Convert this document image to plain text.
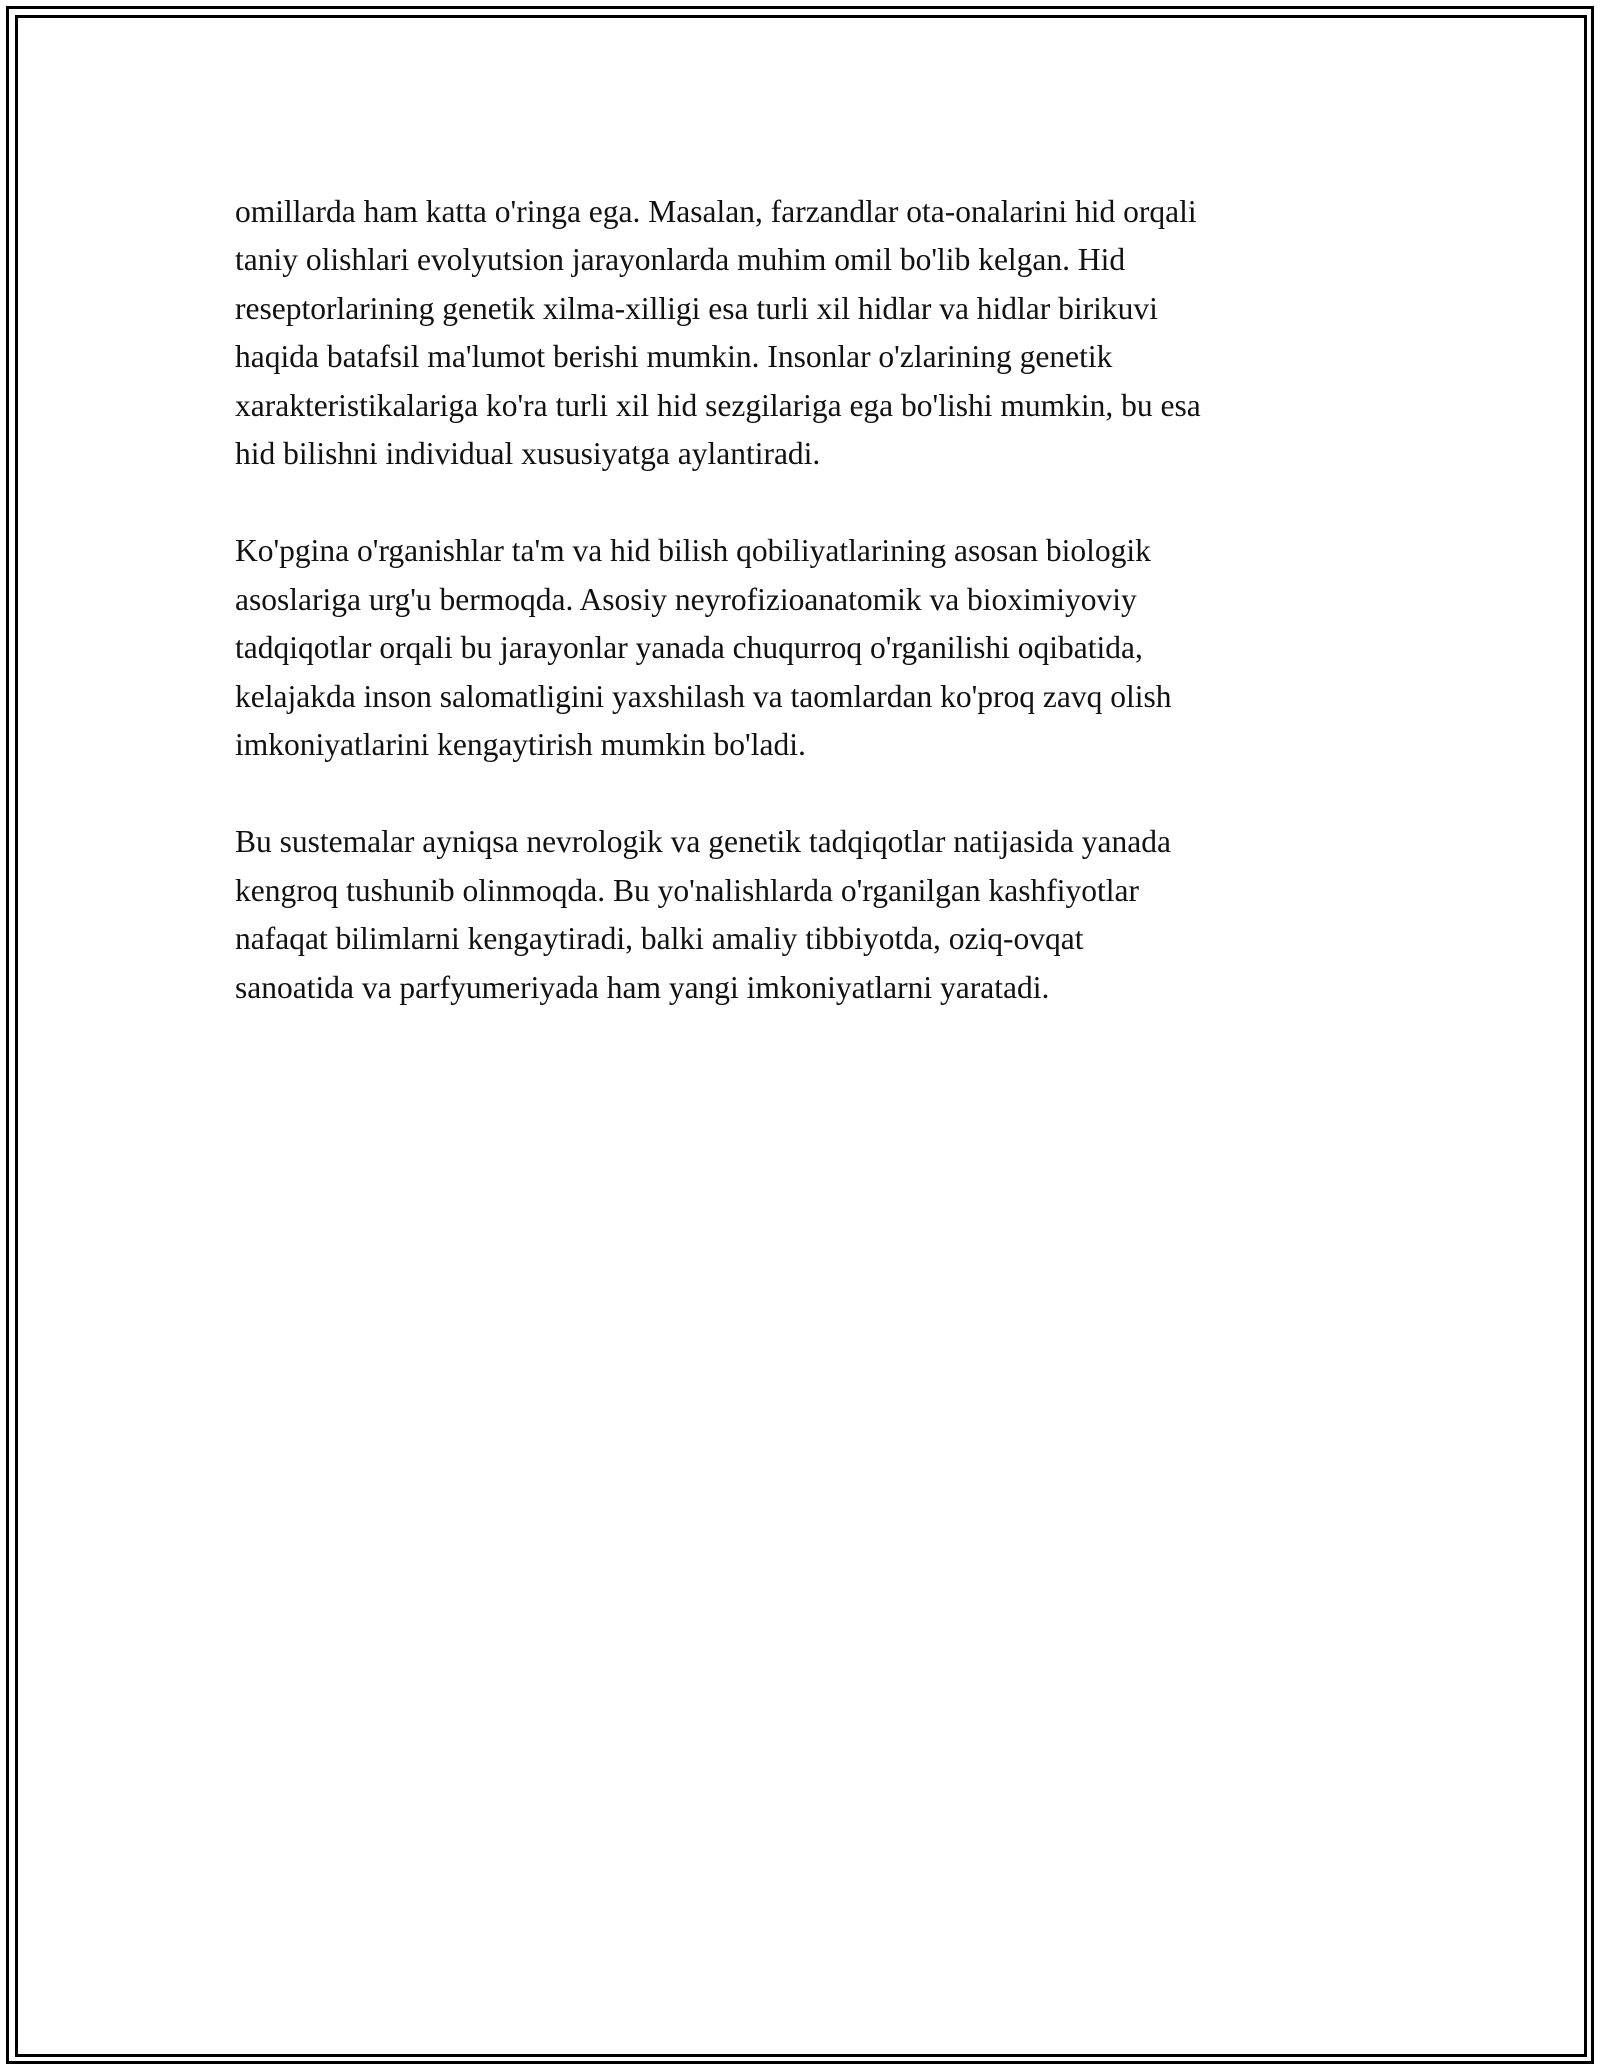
omillarda ham katta o'ringa ega. Masalan, farzandlar ota-onalarini hid orqali
taniy olishlari evolyutsion jarayonlarda muhim omil bo'lib kelgan. Hid
reseptorlarining genetik xilma-xilligi esa turli xil hidlar va hidlar birikuvi
haqida batafsil ma'lumot berishi mumkin. Insonlar o'zlarining genetik
xarakteristikalariga ko'ra turli xil hid sezgilariga ega bo'lishi mumkin, bu esa
hid bilishni individual xususiyatga aylantiradi.

Ko'pgina o'rganishlar ta'm va hid bilish qobiliyatlarining asosan biologik
asoslariga urg'u bermoqda. Asosiy neyrofizioanatomik va bioximiyoviy
tadqiqotlar orqali bu jarayonlar yanada chuqurroq o'rganilishi oqibatida,
kelajakda inson salomatligini yaxshilash va taomlardan ko'proq zavq olish
imkoniyatlarini kengaytirish mumkin bo'ladi.

Bu sustemalar ayniqsa nevrologik va genetik tadqiqotlar natijasida yanada
kengroq tushunib olinmoqda. Bu yo'nalishlarda o'rganilgan kashfiyotlar
nafaqat bilimlarni kengaytiradi, balki amaliy tibbiyotda, oziq-ovqat
sanoatida va parfyumeriyada ham yangi imkoniyatlarni yaratadi.
